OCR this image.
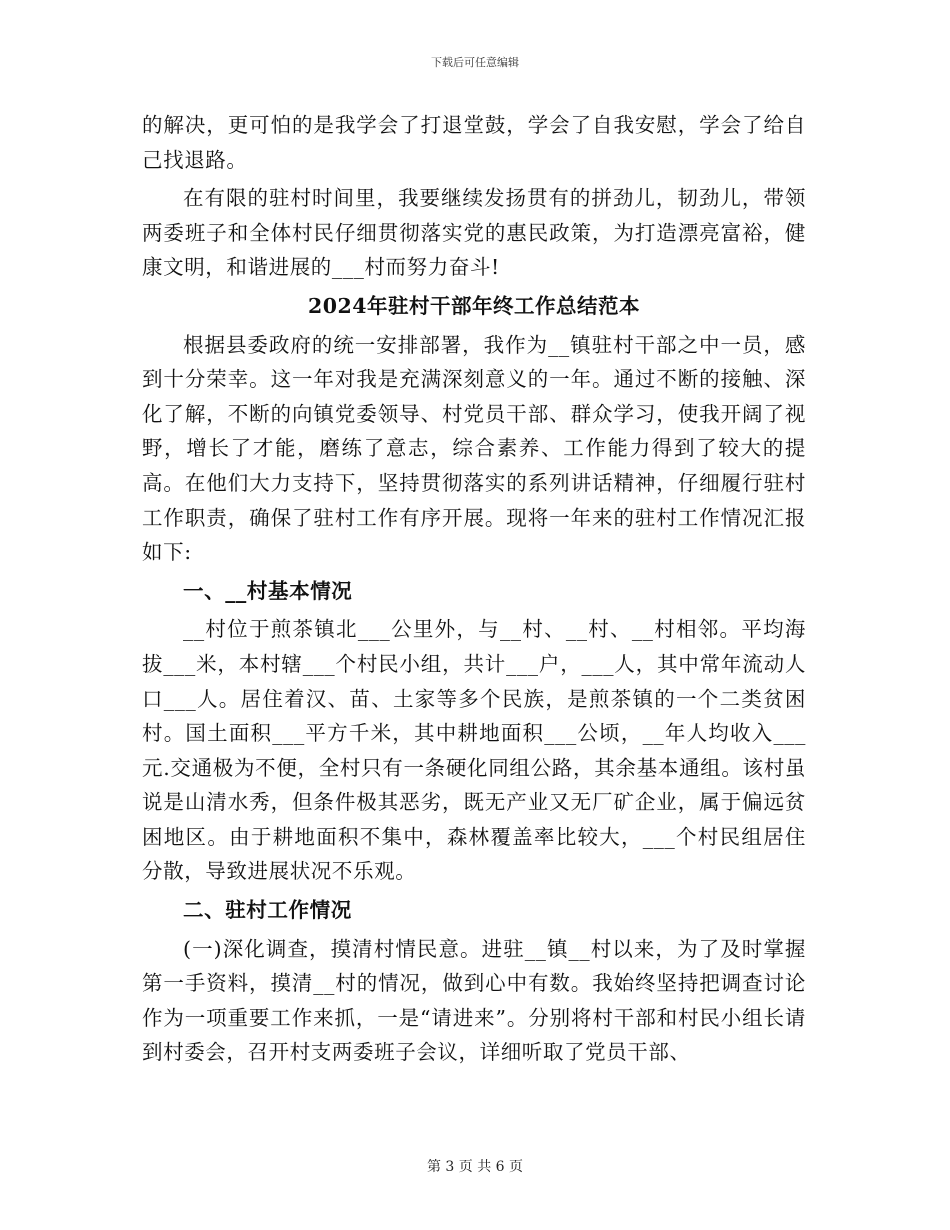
下载后可任意编辑

的解决，更可怕的是我学会了打退堂鼓，学会了自我安慰，学会了给自己找退路。

在有限的驻村时间里，我要继续发扬贯有的拼劲儿，韧劲儿，带领两委班子和全体村民仔细贯彻落实党的惠民政策，为打造漂亮富裕，健康文明，和谐进展的___村而努力奋斗!

2024年驻村干部年终工作总结范本

根据县委政府的统一安排部署，我作为__镇驻村干部之中一员，感到十分荣幸。这一年对我是充满深刻意义的一年。通过不断的接触、深化了解，不断的向镇党委领导、村党员干部、群众学习，使我开阔了视野，增长了才能，磨练了意志，综合素养、工作能力得到了较大的提高。在他们大力支持下，坚持贯彻落实的系列讲话精神，仔细履行驻村工作职责，确保了驻村工作有序开展。现将一年来的驻村工作情况汇报如下:

一、__村基本情况

__村位于煎茶镇北___公里外，与__村、__村、__村相邻。平均海拔___米，本村辖___个村民小组，共计___户，___人，其中常年流动人口___人。居住着汉、苗、土家等多个民族，是煎茶镇的一个二类贫困村。国土面积___平方千米，其中耕地面积___公顷，__年人均收入___元.交通极为不便，全村只有一条硬化同组公路，其余基本通组。该村虽说是山清水秀，但条件极其恶劣，既无产业又无厂矿企业，属于偏远贫困地区。由于耕地面积不集中，森林覆盖率比较大，___个村民组居住分散，导致进展状况不乐观。

二、驻村工作情况

(一)深化调查，摸清村情民意。进驻__镇__村以来，为了及时掌握第一手资料，摸清__村的情况，做到心中有数。我始终坚持把调查讨论作为一项重要工作来抓，一是“请进来”。分别将村干部和村民小组长请到村委会，召开村支两委班子会议，详细听取了党员干部、

第 3 页 共 6 页
